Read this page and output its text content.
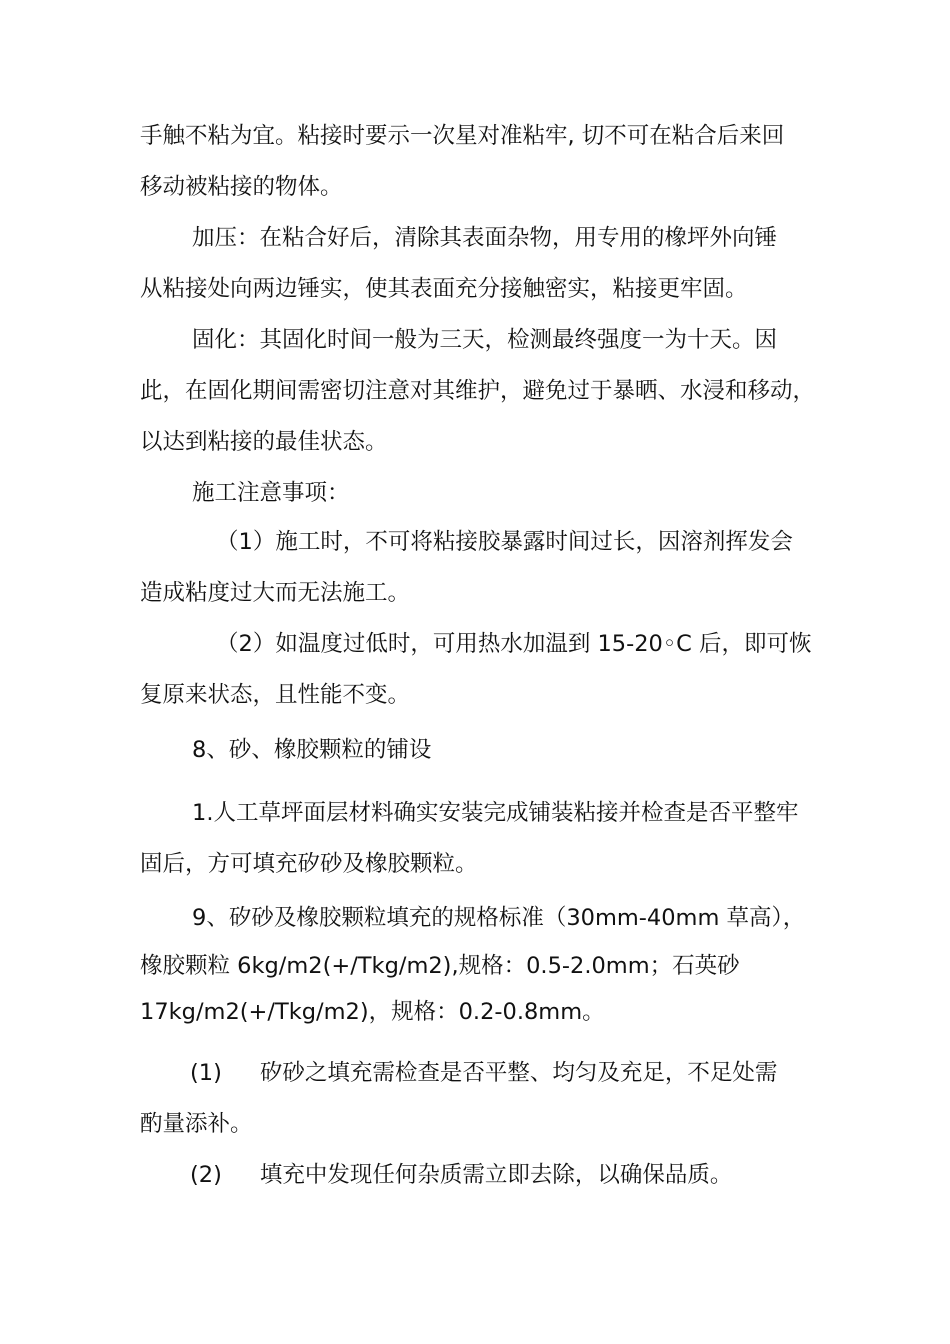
手触不粘为宜。粘接时要示一次星对准粘牢, 切不可在粘合后来回
移动被粘接的物体。
加压：在粘合好后，清除其表面杂物，用专用的橡坪外向锤
从粘接处向两边锤实，使其表面充分接触密实，粘接更牢固。
固化：其固化时间一般为三天，检测最终强度一为十天。因
此，在固化期间需密切注意对其维护，避免过于暴晒、水浸和移动，
以达到粘接的最佳状态。
施工注意事项：
（1）施工时，不可将粘接胶暴露时间过长，因溶剂挥发会
造成粘度过大而无法施工。
（2）如温度过低时，可用热水加温到 15-20◦C 后，即可恢
复原来状态，且性能不变。
8、砂、橡胶颗粒的铺设
1.人工草坪面层材料确实安装完成铺装粘接并检查是否平整牢
固后，方可填充矽砂及橡胶颗粒。
9、矽砂及橡胶颗粒填充的规格标准（30mm-40mm 草高），
橡胶颗粒 6kg/m2(+/Tkg/m2),规格：0.5-2.0mm；石英砂
17kg/m2(+/Tkg/m2)，规格：0.2-0.8mm。
(1) 矽砂之填充需检查是否平整、均匀及充足，不足处需
酌量添补。
(2) 填充中发现任何杂质需立即去除，以确保品质。
